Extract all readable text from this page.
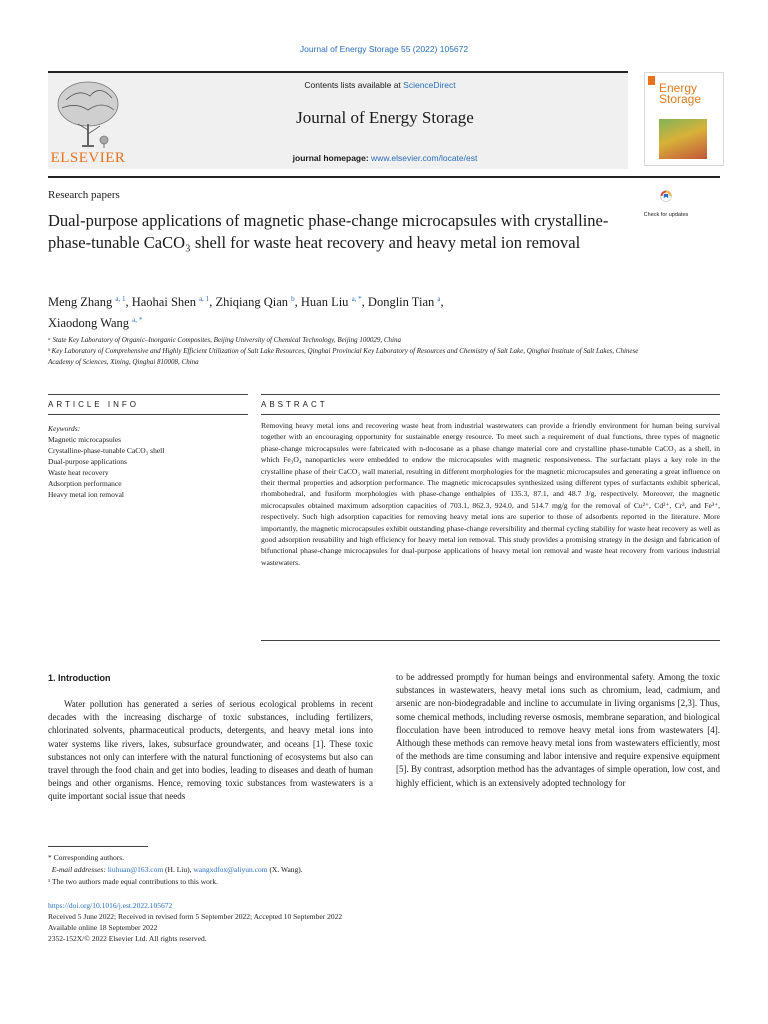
Journal of Energy Storage 55 (2022) 105672
ELSEVIER
Contents lists available at ScienceDirect
Journal of Energy Storage
journal homepage: www.elsevier.com/locate/est
Energy
Storage
Research papers
Dual-purpose applications of magnetic phase-change microcapsules with crystalline-phase-tunable CaCO₃ shell for waste heat recovery and heavy metal ion removal
Check for updates
Meng Zhang $^{a, 1}$, Haohai Shen $^{a, 1}$, Zhiqiang Qian $^b$, Huan Liu $^{a, *}$, Donglin Tian $^a$,
Xiaodong Wang $^{a, *}$
ᵃ State Key Laboratory of Organic–Inorganic Composites, Beijing University of Chemical Technology, Beijing 100029, China
ᵇ Key Laboratory of Comprehensive and Highly Efficient Utilization of Salt Lake Resources, Qinghai Provincial Key Laboratory of Resources and Chemistry of Salt Lake, Qinghai Institute of Salt Lakes, Chinese Academy of Sciences, Xining, Qinghai 810008, China
ARTICLE INFO
Keywords:
Magnetic microcapsules
Crystalline-phase-tunable CaCO₃ shell
Dual-purpose applications
Waste heat recovery
Adsorption performance
Heavy metal ion removal
ABSTRACT
Removing heavy metal ions and recovering waste heat from industrial wastewaters can provide a friendly environment for human being survival together with an encouraging opportunity for sustainable energy resource. To meet such a requirement of dual functions, three types of magnetic phase-change microcapsules were fabricated with n-docosane as a phase change material core and crystalline phase-tunable CaCO₃ as a shell, in which Fe₃O₄ nanoparticles were embedded to endow the microcapsules with magnetic responsiveness. The surfactant plays a key role in the crystalline phase of their CaCO₃ wall material, resulting in different morphologies for the magnetic microcapsules and generating a great influence on their thermal properties and adsorption performance. The magnetic microcapsules synthesized using different types of surfactants exhibit spherical, rhombohedral, and fusiform morphologies with phase-change enthalpies of 135.3, 87.1, and 48.7 J/g, respectively. Moreover, the magnetic microcapsules obtained maximum adsorption capacities of 703.1, 862.3, 924.0, and 514.7 mg/g for the removal of Cu²⁺, Cd²⁺, Cr³, and Fe³⁺, respectively. Such high adsorption capacities for removing heavy metal ions are superior to those of adsorbents reported in the literature. More importantly, the magnetic microcapsules exhibit outstanding phase-change reversibility and thermal cycling stability for waste heat recovery as well as good adsorption reusability and high efficiency for heavy metal ion removal. This study provides a promising strategy in the design and fabrication of bifunctional phase-change microcapsules for dual-purpose applications of heavy metal ion removal and waste heat recovery from various industrial wastewaters.
1. Introduction
Water pollution has generated a series of serious ecological problems in recent decades with the increasing discharge of toxic substances, including fertilizers, chlorinated solvents, pharmaceutical products, detergents, and heavy metal ions into water systems like rivers, lakes, subsurface groundwater, and oceans [1]. These toxic substances not only can interfere with the natural functioning of ecosystems but also can travel through the food chain and get into bodies, leading to diseases and death of human beings and other organisms. Hence, removing toxic substances from wastewaters is a quite important social issue that needs
to be addressed promptly for human beings and environmental safety. Among the toxic substances in wastewaters, heavy metal ions such as chromium, lead, cadmium, and arsenic are non-biodegradable and incline to accumulate in living organisms [2,3]. Thus, some chemical methods, including reverse osmosis, membrane separation, and biological flocculation have been introduced to remove heavy metal ions from wastewaters [4]. Although these methods can remove heavy metal ions from wastewaters efficiently, most of the methods are time consuming and labor intensive and require expensive equipment [5]. By contrast, adsorption method has the advantages of simple operation, low cost, and highly efficient, which is an extensively adopted technology for
* Corresponding authors.
E-mail addresses: liuhuan@163.com (H. Liu), wangxdfox@aliyun.com (X. Wang).
¹ The two authors made equal contributions to this work.
https://doi.org/10.1016/j.est.2022.105672
Received 5 June 2022; Received in revised form 5 September 2022; Accepted 10 September 2022
Available online 18 September 2022
2352-152X/© 2022 Elsevier Ltd. All rights reserved.
